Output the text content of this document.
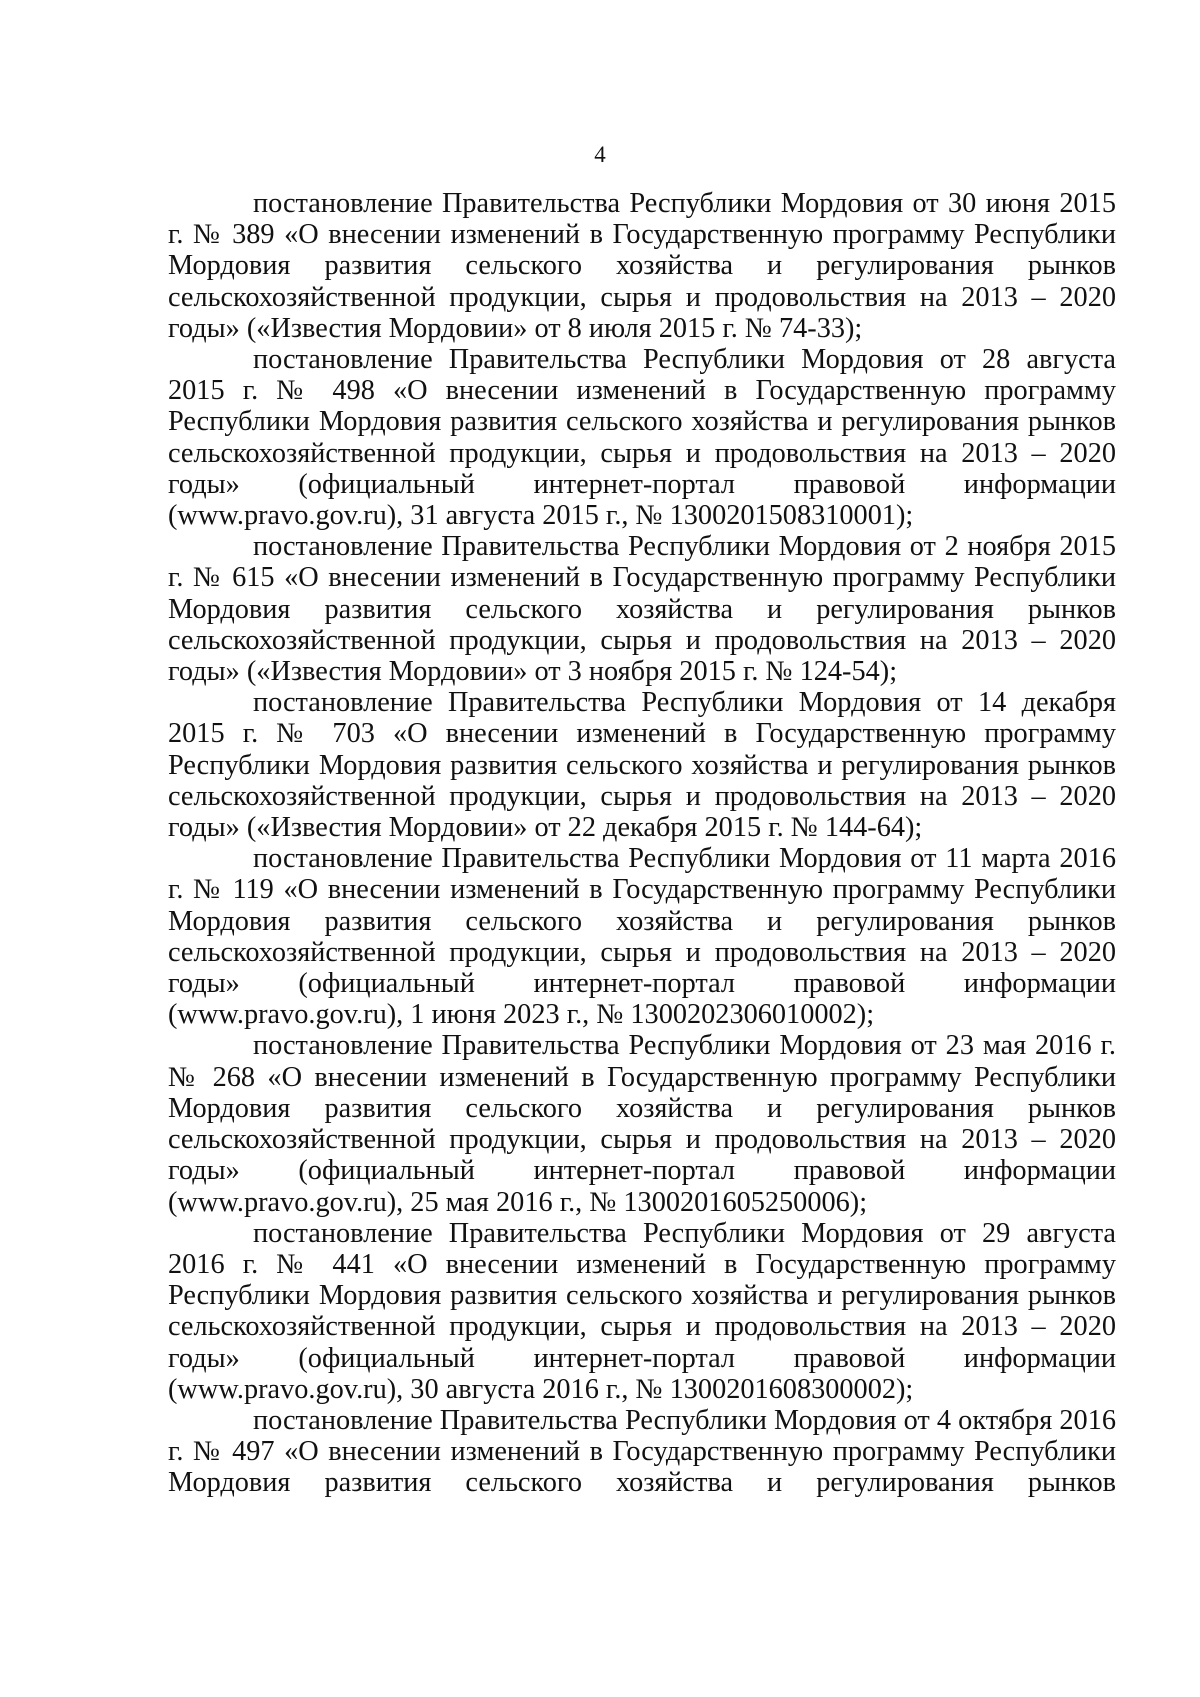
4

постановление Правительства Республики Мордовия от 30 июня 2015 г. № 389 «О внесении изменений в Государственную программу Республики Мордовия развития сельского хозяйства и регулирования рынков сельскохозяйственной продукции, сырья и продовольствия на 2013 – 2020 годы» («Известия Мордовии» от 8 июля 2015 г. № 74-33);

постановление Правительства Республики Мордовия от 28 августа 2015 г. № 498 «О внесении изменений в Государственную программу Республики Мордовия развития сельского хозяйства и регулирования рынков сельскохозяйственной продукции, сырья и продовольствия на 2013 – 2020 годы» (официальный интернет-портал правовой информации (www.pravo.gov.ru), 31 августа 2015 г., № 1300201508310001);

постановление Правительства Республики Мордовия от 2 ноября 2015 г. № 615 «О внесении изменений в Государственную программу Республики Мордовия развития сельского хозяйства и регулирования рынков сельскохозяйственной продукции, сырья и продовольствия на 2013 – 2020 годы» («Известия Мордовии» от 3 ноября 2015 г. № 124-54);

постановление Правительства Республики Мордовия от 14 декабря 2015 г. № 703 «О внесении изменений в Государственную программу Республики Мордовия развития сельского хозяйства и регулирования рынков сельскохозяйственной продукции, сырья и продовольствия на 2013 – 2020 годы» («Известия Мордовии» от 22 декабря 2015 г. № 144-64);

постановление Правительства Республики Мордовия от 11 марта 2016 г. № 119 «О внесении изменений в Государственную программу Республики Мордовия развития сельского хозяйства и регулирования рынков сельскохозяйственной продукции, сырья и продовольствия на 2013 – 2020 годы» (официальный интернет-портал правовой информации (www.pravo.gov.ru), 1 июня 2023 г., № 1300202306010002);

постановление Правительства Республики Мордовия от 23 мая 2016 г. № 268 «О внесении изменений в Государственную программу Республики Мордовия развития сельского хозяйства и регулирования рынков сельскохозяйственной продукции, сырья и продовольствия на 2013 – 2020 годы» (официальный интернет-портал правовой информации (www.pravo.gov.ru), 25 мая 2016 г., № 1300201605250006);

постановление Правительства Республики Мордовия от 29 августа 2016 г. № 441 «О внесении изменений в Государственную программу Республики Мордовия развития сельского хозяйства и регулирования рынков сельскохозяйственной продукции, сырья и продовольствия на 2013 – 2020 годы» (официальный интернет-портал правовой информации (www.pravo.gov.ru), 30 августа 2016 г., № 1300201608300002);

постановление Правительства Республики Мордовия от 4 октября 2016 г. № 497 «О внесении изменений в Государственную программу Республики Мордовия развития сельского хозяйства и регулирования рынков
